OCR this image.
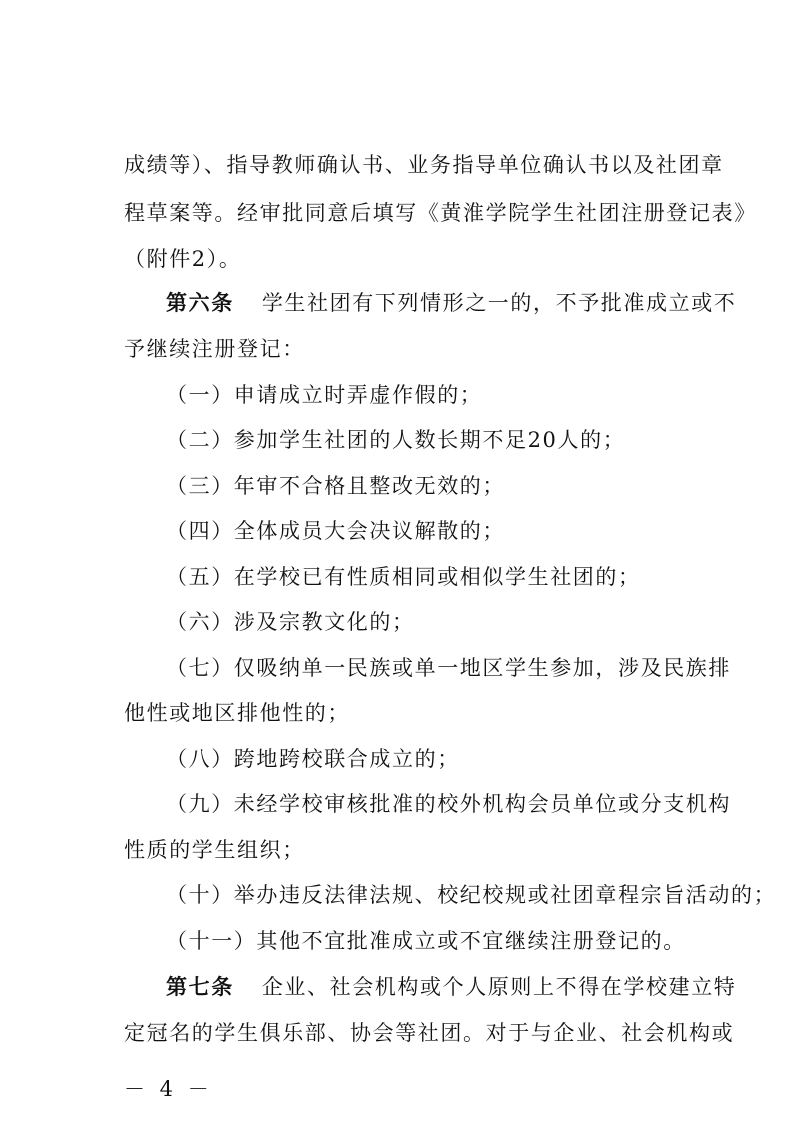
成绩等）、指导教师确认书、业务指导单位确认书以及社团章
程草案等。经审批同意后填写《黄淮学院学生社团注册登记表》
（附件2）。
第六条 学生社团有下列情形之一的，不予批准成立或不
予继续注册登记：
（一）申请成立时弄虚作假的；
（二）参加学生社团的人数长期不足20人的；
（三）年审不合格且整改无效的；
（四）全体成员大会决议解散的；
（五）在学校已有性质相同或相似学生社团的；
（六）涉及宗教文化的；
（七）仅吸纳单一民族或单一地区学生参加，涉及民族排
他性或地区排他性的；
（八）跨地跨校联合成立的；
（九）未经学校审核批准的校外机构会员单位或分支机构
性质的学生组织；
（十）举办违反法律法规、校纪校规或社团章程宗旨活动的；
（十一）其他不宜批准成立或不宜继续注册登记的。
第七条 企业、社会机构或个人原则上不得在学校建立特
定冠名的学生俱乐部、协会等社团。对于与企业、社会机构或
－ 4 －
